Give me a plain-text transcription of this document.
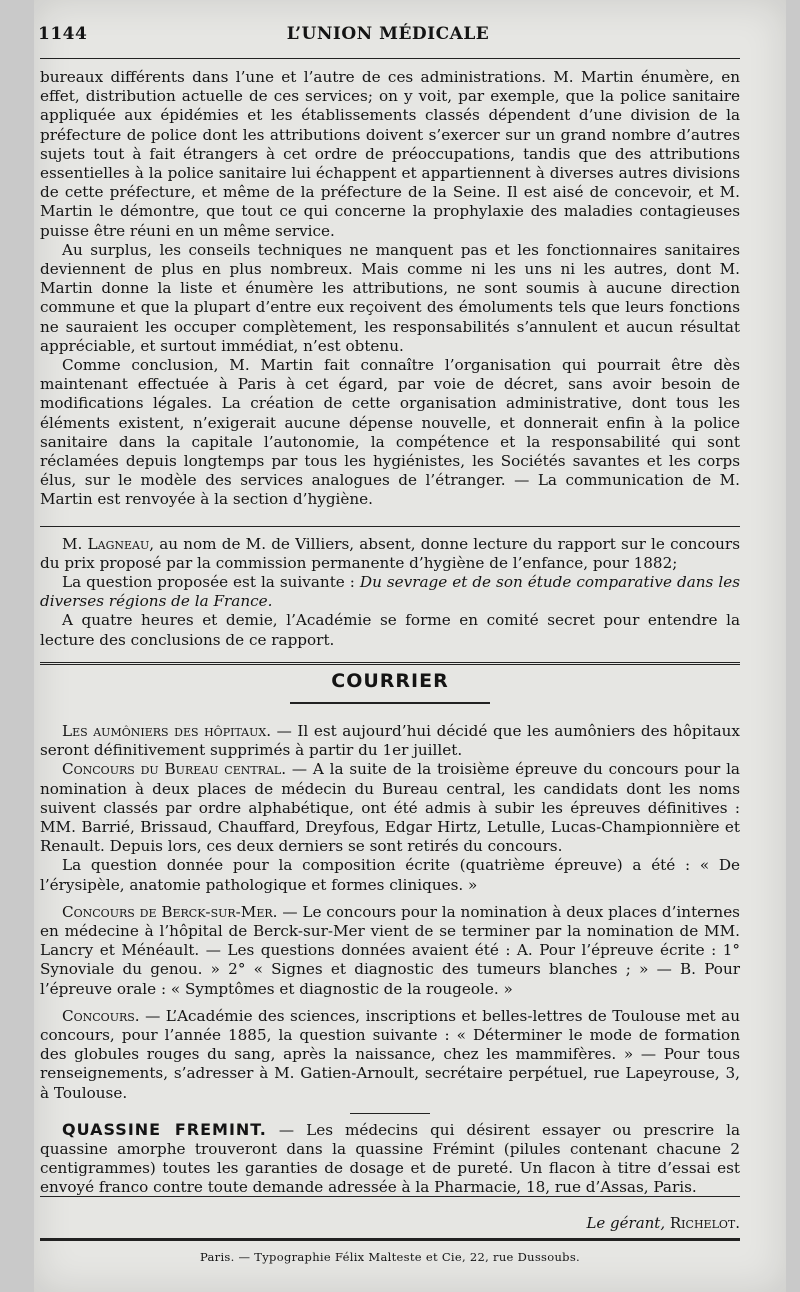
1144	L’UNION MÉDICALE

bureaux différents dans l’une et l’autre de ces administrations. M. Martin énumère, en effet, distribution actuelle de ces services; on y voit, par exemple, que la police sanitaire appliquée aux épidémies et les établissements classés dépendent d’une division de la préfecture de police dont les attributions doivent s’exercer sur un grand nombre d’autres sujets tout à fait étrangers à cet ordre de préoccupations, tandis que des attributions essentielles à la police sanitaire lui échappent et appartiennent à diverses autres divisions de cette préfecture, et même de la préfecture de la Seine. Il est aisé de concevoir, et M. Martin le démontre, que tout ce qui concerne la prophylaxie des maladies contagieuses puisse être réuni en un même service.

Au surplus, les conseils techniques ne manquent pas et les fonctionnaires sanitaires deviennent de plus en plus nombreux. Mais comme ni les uns ni les autres, dont M. Martin donne la liste et énumère les attributions, ne sont soumis à aucune direction commune et que la plupart d’entre eux reçoivent des émoluments tels que leurs fonctions ne sauraient les occuper complètement, les responsabilités s’annulent et aucun résultat appréciable, et surtout immédiat, n’est obtenu.

Comme conclusion, M. Martin fait connaître l’organisation qui pourrait être dès maintenant effectuée à Paris à cet égard, par voie de décret, sans avoir besoin de modifications légales. La création de cette organisation administrative, dont tous les éléments existent, n’exigerait aucune dépense nouvelle, et donnerait enfin à la police sanitaire dans la capitale l’autonomie, la compétence et la responsabilité qui sont réclamées depuis longtemps par tous les hygiénistes, les Sociétés savantes et les corps élus, sur le modèle des services analogues de l’étranger. — La communication de M. Martin est renvoyée à la section d’hygiène.

M. Lagneau, au nom de M. de Villiers, absent, donne lecture du rapport sur le concours du prix proposé par la commission permanente d’hygiène de l’enfance, pour 1882;

La question proposée est la suivante : Du sevrage et de son étude comparative dans les diverses régions de la France.

A quatre heures et demie, l’Académie se forme en comité secret pour entendre la lecture des conclusions de ce rapport.

COURRIER

Les aumôniers des hôpitaux. — Il est aujourd’hui décidé que les aumôniers des hôpitaux seront définitivement supprimés à partir du 1er juillet.

Concours du Bureau central. — A la suite de la troisième épreuve du concours pour la nomination à deux places de médecin du Bureau central, les candidats dont les noms suivent classés par ordre alphabétique, ont été admis à subir les épreuves définitives : MM. Barrié, Brissaud, Chauffard, Dreyfous, Edgar Hirtz, Letulle, Lucas-Championnière et Renault. Depuis lors, ces deux derniers se sont retirés du concours.

La question donnée pour la composition écrite (quatrième épreuve) a été : « De l’érysipèle, anatomie pathologique et formes cliniques. »

Concours de Berck-sur-Mer. — Le concours pour la nomination à deux places d’internes en médecine à l’hôpital de Berck-sur-Mer vient de se terminer par la nomination de MM. Lancry et Ménéault. — Les questions données avaient été : A. Pour l’épreuve écrite : 1° Synoviale du genou. » 2° « Signes et diagnostic des tumeurs blanches ; » — B. Pour l’épreuve orale : « Symptômes et diagnostic de la rougeole. »

Concours. — L’Académie des sciences, inscriptions et belles-lettres de Toulouse met au concours, pour l’année 1885, la question suivante : « Déterminer le mode de formation des globules rouges du sang, après la naissance, chez les mammifères. » — Pour tous renseignements, s’adresser à M. Gatien-Arnoult, secrétaire perpétuel, rue Lapeyrouse, 3, à Toulouse.

QUASSINE FREMINT. — Les médecins qui désirent essayer ou prescrire la quassine amorphe trouveront dans la quassine Frémint (pilules contenant chacune 2 centigrammes) toutes les garanties de dosage et de pureté. Un flacon à titre d’essai est envoyé franco contre toute demande adressée à la Pharmacie, 18, rue d’Assas, Paris.

Le gérant, Richelot.
Paris. — Typographie Félix Malteste et Cie, 22, rue Dussoubs.
